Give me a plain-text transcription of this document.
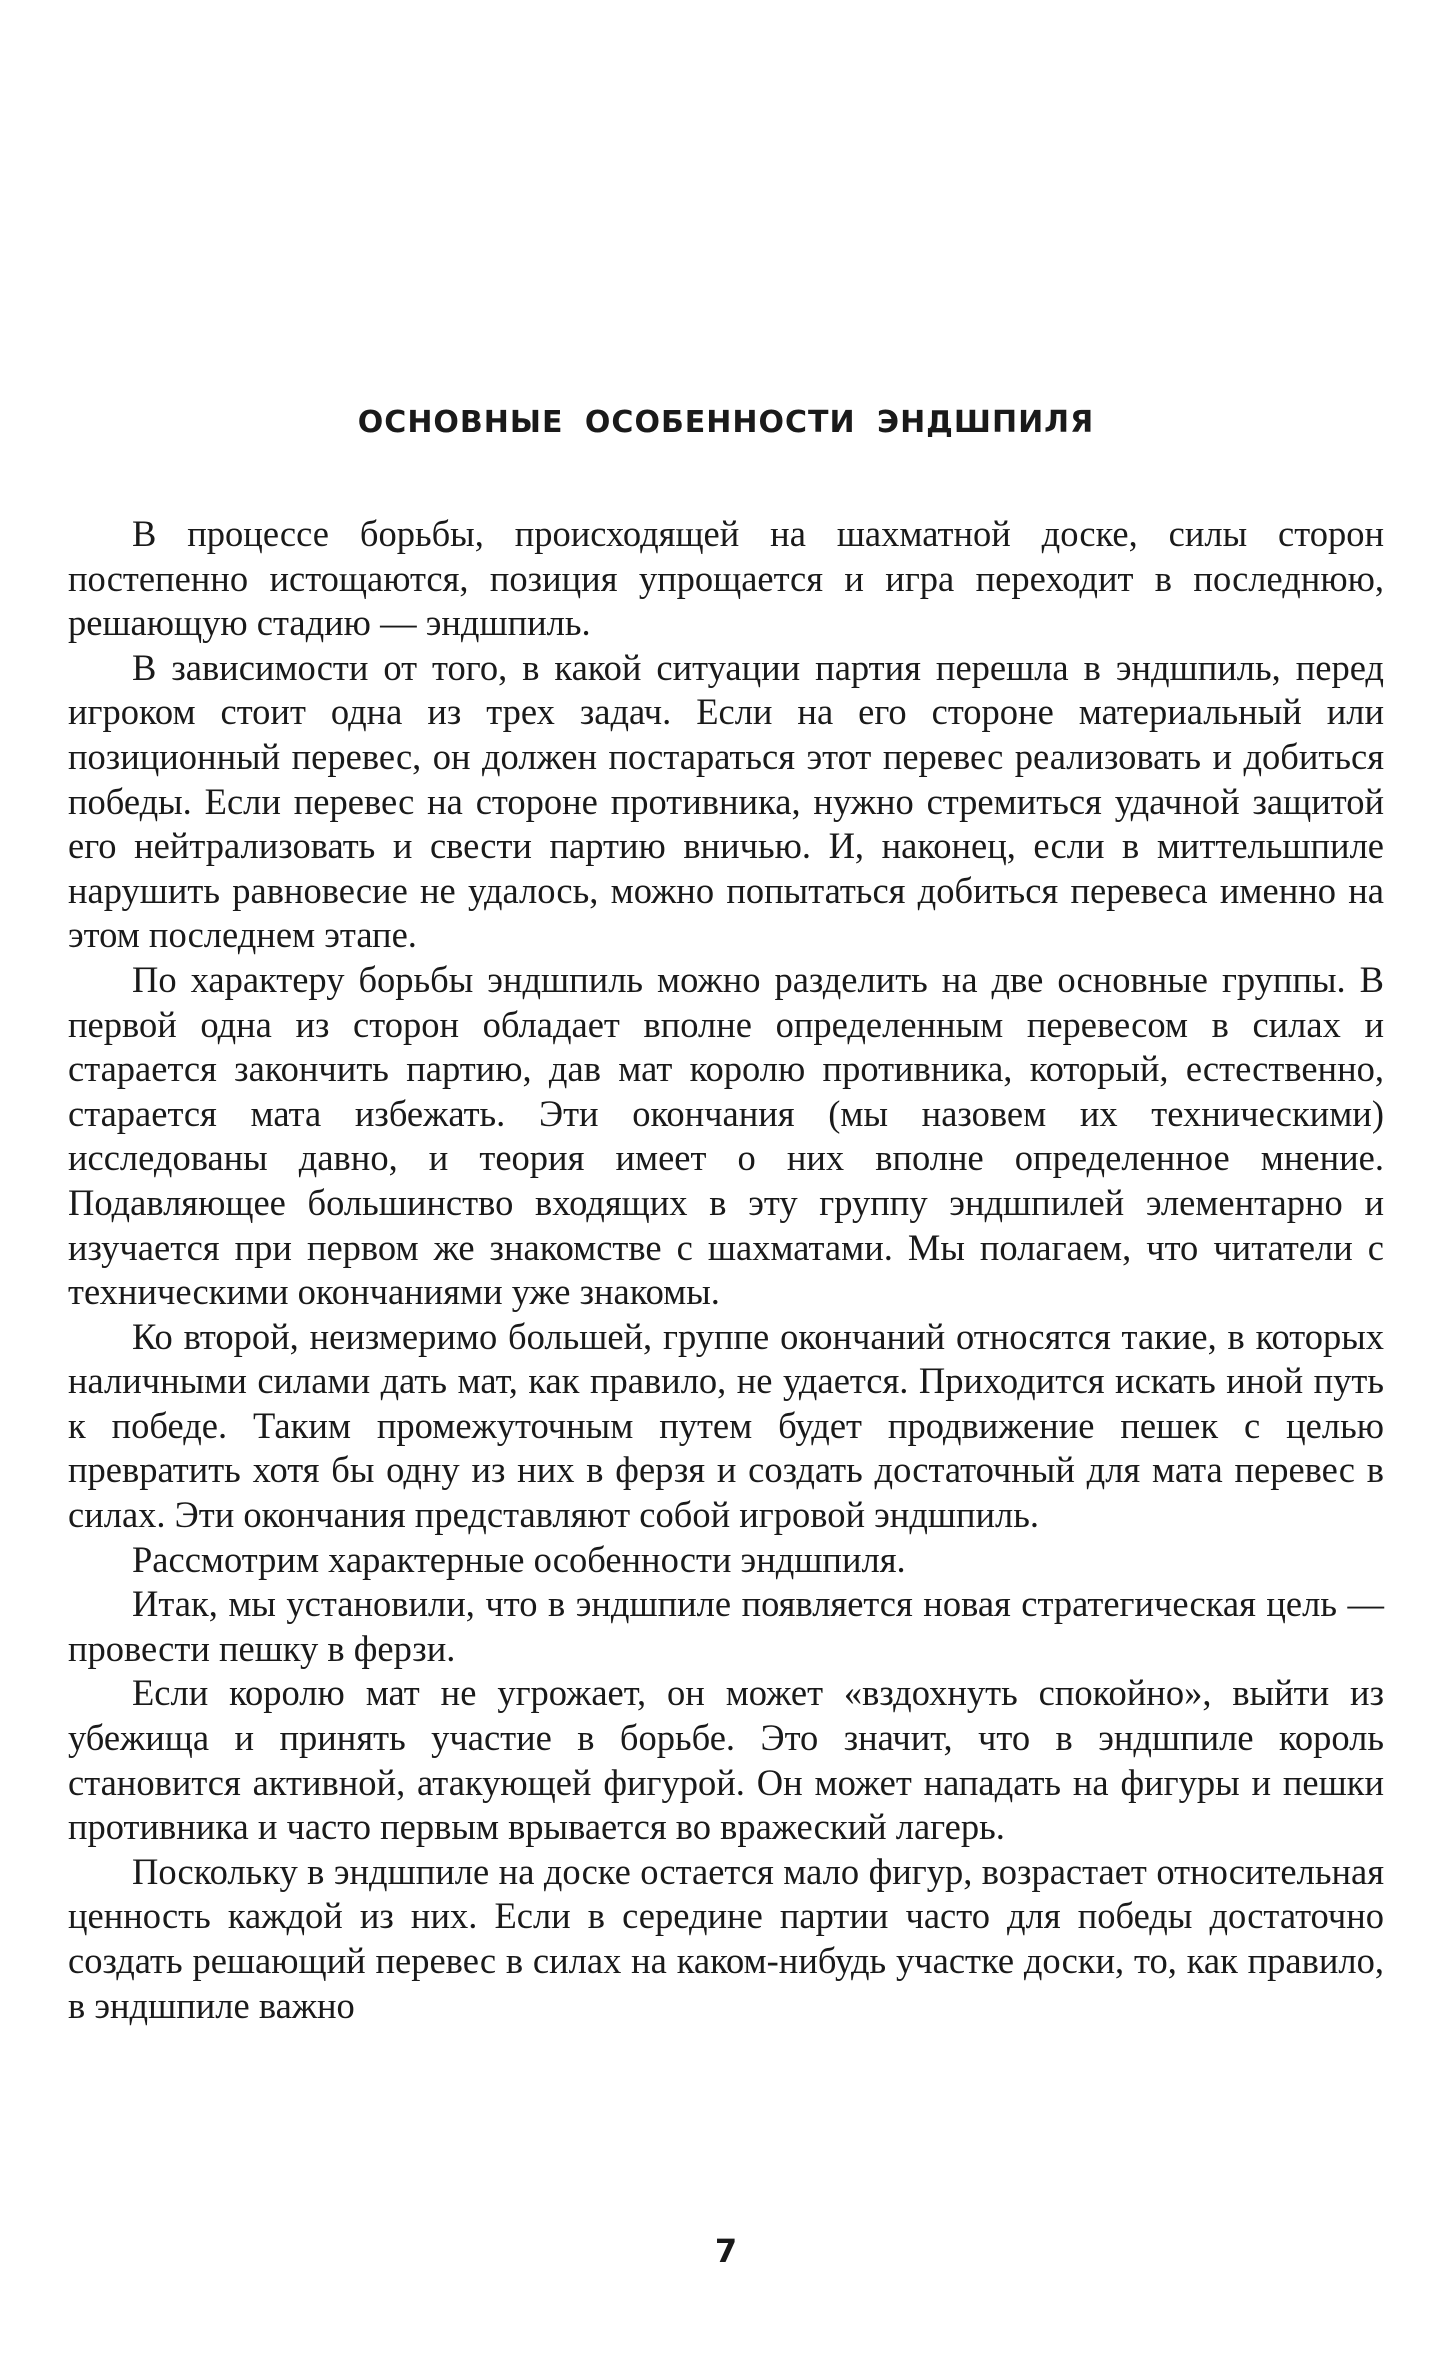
ОСНОВНЫЕ ОСОБЕННОСТИ ЭНДШПИЛЯ

В процессе борьбы, происходящей на шахматной доске, силы сторон постепенно истощаются, позиция упрощается и игра переходит в последнюю, решающую стадию — эндшпиль.

В зависимости от того, в какой ситуации партия перешла в эндшпиль, перед игроком стоит одна из трех задач. Если на его стороне материальный или позиционный перевес, он должен постараться этот перевес реализовать и добиться победы. Если перевес на стороне противника, нужно стремиться удачной защитой его нейтрализовать и свести партию вничью. И, наконец, если в миттельшпиле нарушить равновесие не удалось, можно попытаться добиться перевеса именно на этом последнем этапе.

По характеру борьбы эндшпиль можно разделить на две основные группы. В первой одна из сторон обладает вполне определенным перевесом в силах и старается закончить партию, дав мат королю противника, который, естественно, старается мата избежать. Эти окончания (мы назовем их техническими) исследованы давно, и теория имеет о них вполне определенное мнение. Подавляющее большинство входящих в эту группу эндшпилей элементарно и изучается при первом же знакомстве с шахматами. Мы полагаем, что читатели с техническими окончаниями уже знакомы.

Ко второй, неизмеримо большей, группе окончаний относятся такие, в которых наличными силами дать мат, как правило, не удается. Приходится искать иной путь к победе. Таким промежуточным путем будет продвижение пешек с целью превратить хотя бы одну из них в ферзя и создать достаточный для мата перевес в силах. Эти окончания представляют собой игровой эндшпиль.

Рассмотрим характерные особенности эндшпиля.

Итак, мы установили, что в эндшпиле появляется новая стратегическая цель — провести пешку в ферзи.

Если королю мат не угрожает, он может «вздохнуть спокойно», выйти из убежища и принять участие в борьбе. Это значит, что в эндшпиле король становится активной, атакующей фигурой. Он может нападать на фигуры и пешки противника и часто первым врывается во вражеский лагерь.

Поскольку в эндшпиле на доске остается мало фигур, возрастает относительная ценность каждой из них. Если в середине партии часто для победы достаточно создать решающий перевес в силах на каком-нибудь участке доски, то, как правило, в эндшпиле важно

7
